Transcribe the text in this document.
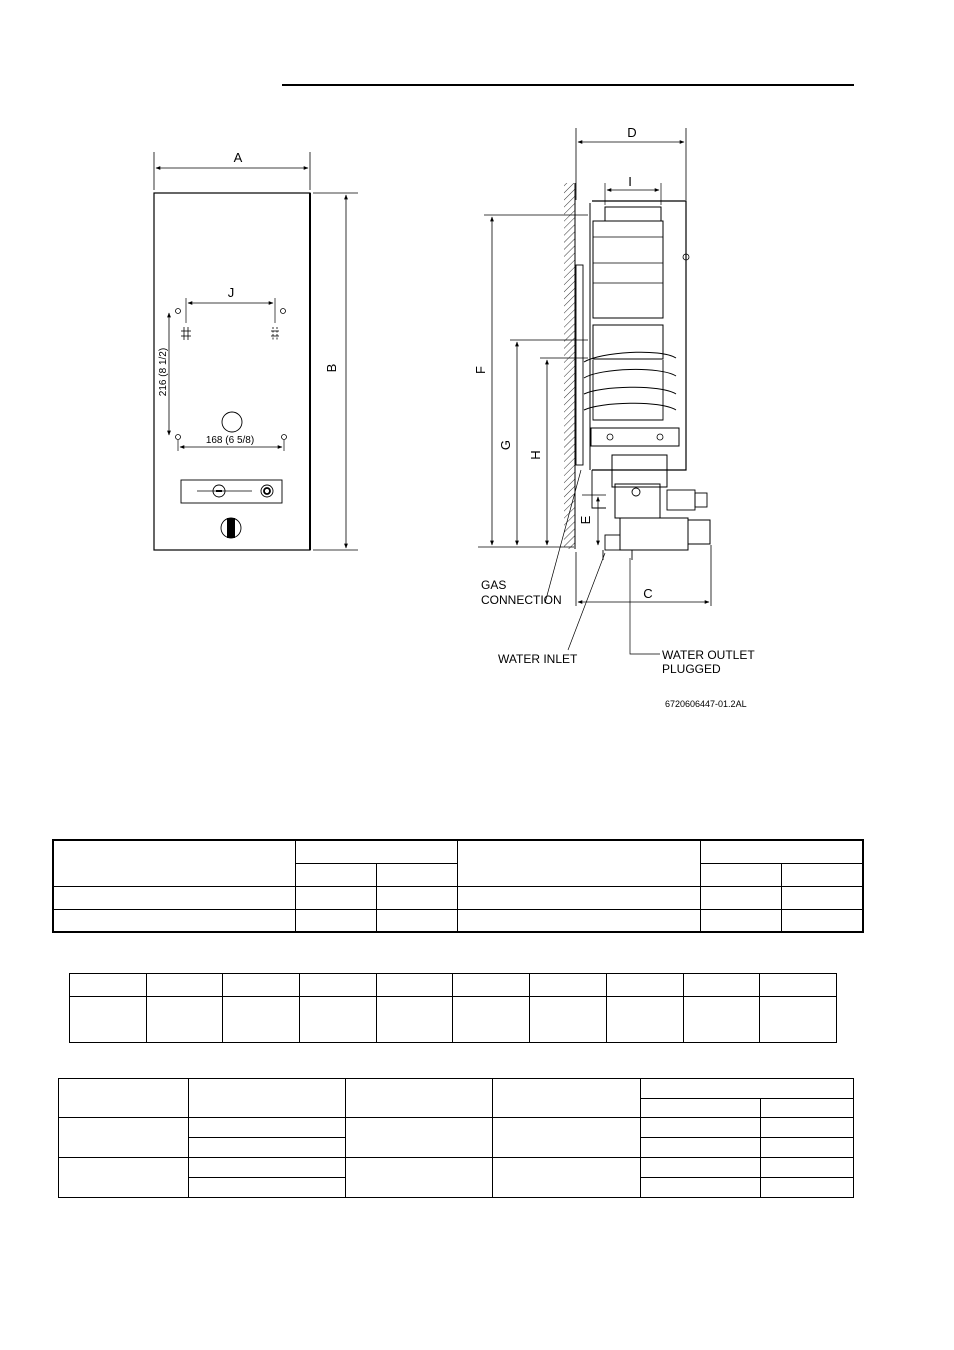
A
B
J
216 (8 1/2)
168 (6 5/8)
D
I
F
G
H
E
C
GAS
CONNECTION
WATER INLET	WATER OUTLET
PLUGGED
6720606447-01.2AL
